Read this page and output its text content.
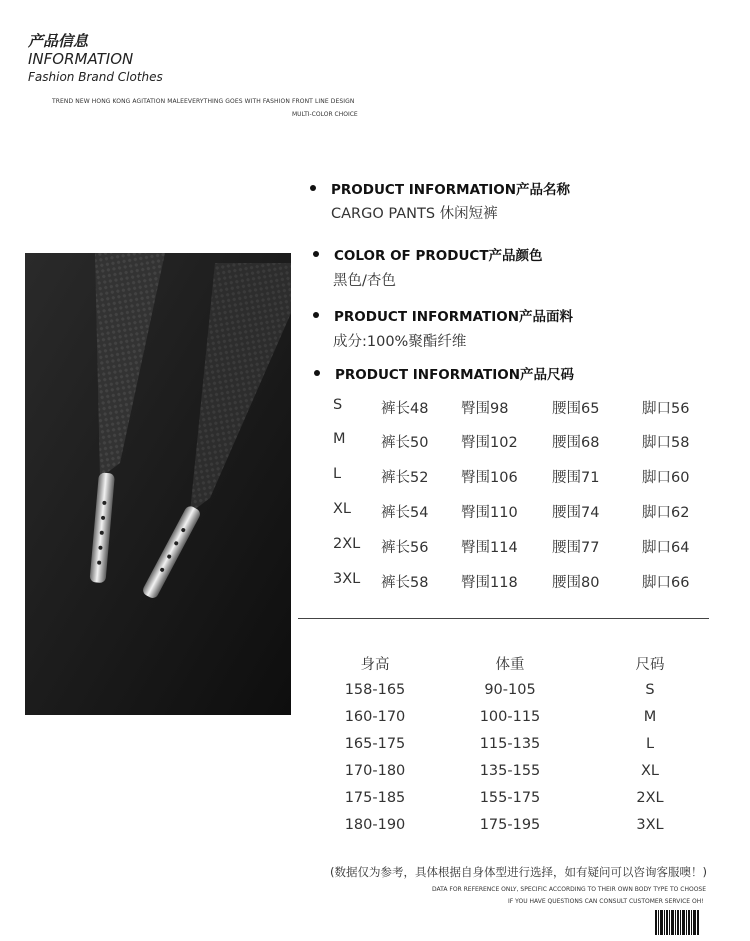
产品信息
INFORMATION
Fashion Brand Clothes
TREND NEW HONG KONG AGITATION MALEEVERYTHING GOES WITH FASHION FRONT LINE DESIGN
MULTI-COLOR CHOICE
PRODUCT INFORMATION产品名称
CARGO PANTS 休闲短裤
COLOR OF PRODUCT产品颜色
黑色/杏色
PRODUCT INFORMATION产品面料
成分:100%聚酯纤维
PRODUCT INFORMATION产品尺码
S	裤长48 臀围98	腰围65	脚口56
M 裤长50 臀围102 腰围68	脚口58
L	裤长52 臀围106 腰围71	脚口60
XL 裤长54 臀围110 腰围74	脚口62
2XL 裤长56 臀围114 腰围77	脚口64
3XL 裤长58 臀围118 腰围80	脚口66
身高	体重	尺码
158-165	90-105	S
160-170	100-115	M
165-175	115-135	L
170-180	135-155	XL
175-185	155-175	2XL
180-190	175-195	3XL
(数据仅为参考，具体根据自身体型进行选择，如有疑问可以咨询客服噢！)
DATA FOR REFERENCE ONLY, SPECIFIC ACCORDING TO THEIR OWN BODY TYPE TO CHOOSE
IF YOU HAVE QUESTIONS CAN CONSULT CUSTOMER SERVICE OH!
